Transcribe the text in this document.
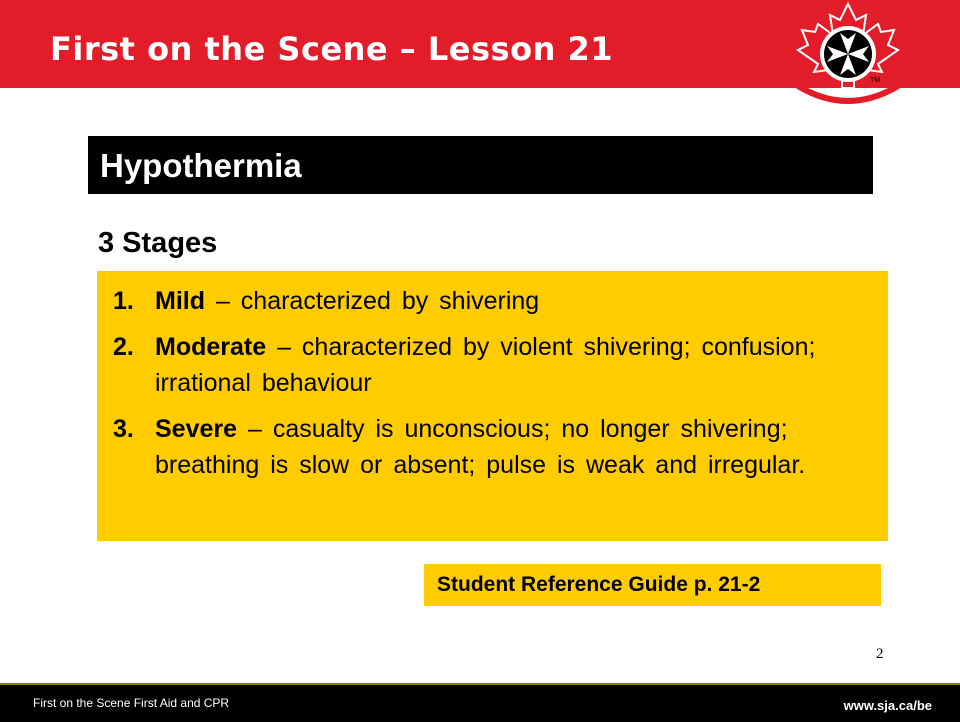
First on the Scene – Lesson 21
TM
Hypothermia
3 Stages
1. Mild – characterized by shivering
2. Moderate – characterized by violent shivering; confusion; irrational behaviour
3. Severe – casualty is unconscious; no longer shivering; breathing is slow or absent; pulse is weak and irregular.
Student Reference Guide p. 21-2
2
First on the Scene First Aid and CPR	www.sja.ca/be
